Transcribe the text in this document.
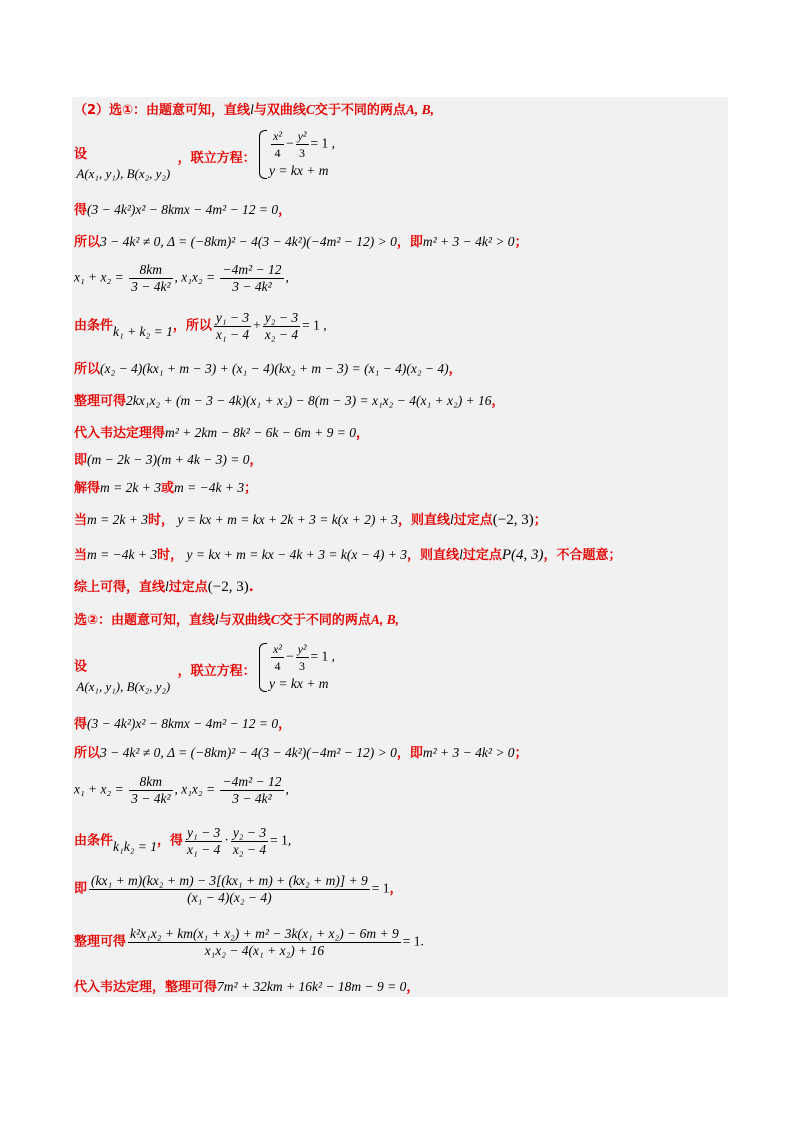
（2）选①：由题意可知，直线l与双曲线C交于不同的两点A, B,
设 A(x₁, y₁), B(x₂, y₂) ，联立方程： $\frac{\text{x²}}{4} - \frac{\text{y²}}{3} = 1$ ,
y = kx + m
得(3 − 4k²)x² − 8kmx − 4m² − 12 = 0，
所以3 − 4k² ≠ 0, Δ = (−8km)² − 4(3 − 4k²)(−4m² − 12) > 0，即m² + 3 − 4k² > 0；
$x_1 + x_2 = \frac{8km}{\text{3 − 4k²}}$ , $x_1x_2 = \frac{\text{−4m² − 12}}{\text{3 − 4k²}}$ ,
由条件k₁ + k₂ = 1，所以 $\frac{\text{y₁ − 3}}{\text{x₁ − 4}} + \frac{\text{y₂ − 3}}{\text{x₂ − 4}} = 1$ ,
所以(x₂ − 4)(kx₁ + m − 3) + (x₁ − 4)(kx₂ + m − 3) = (x₁ − 4)(x₂ − 4)，
整理可得2kx₁x₂ + (m − 3 − 4k)(x₁ + x₂) − 8(m − 3) = x₁x₂ − 4(x₁ + x₂) + 16，
代入韦达定理得m² + 2km − 8k² − 6k − 6m + 9 = 0，
即(m − 2k − 3)(m + 4k − 3) = 0，
解得m = 2k + 3或m = −4k + 3；
当m = 2k + 3时， y = kx + m = kx + 2k + 3 = k(x + 2) + 3，则直线l过定点(−2, 3)；
当m = −4k + 3时， y = kx + m = kx − 4k + 3 = k(x − 4) + 3，则直线l过定点P(4, 3)，不合题意；
综上可得，直线l过定点(−2, 3).
选②：由题意可知，直线l与双曲线C交于不同的两点A, B,
设 A(x₁, y₁), B(x₂, y₂) ，联立方程： $\frac{\text{x²}}{4} - \frac{\text{y²}}{3} = 1$ ,
y = kx + m
得(3 − 4k²)x² − 8kmx − 4m² − 12 = 0，
所以3 − 4k² ≠ 0, Δ = (−8km)² − 4(3 − 4k²)(−4m² − 12) > 0，即m² + 3 − 4k² > 0；
$x_1 + x_2 = \frac{8km}{\text{3 − 4k²}}$ , $x_1x_2 = \frac{\text{−4m² − 12}}{\text{3 − 4k²}}$ ,
由条件k₁k₂ = 1，得 $\frac{\text{y₁ − 3}}{\text{x₁ − 4}} \cdot \frac{\text{y₂ − 3}}{\text{x₂ − 4}} = 1$,
即 $\frac{\text{(kx₁ + m)(kx₂ + m) − 3[(kx₁ + m) + (kx₂ + m)] + 9}}{\text{(x₁ − 4)(x₂ − 4)}} = 1$，
整理可得 $\frac{\text{k²x₁x₂ + km(x₁ + x₂) + m² − 3k(x₁ + x₂) − 6m + 9}}{\text{x₁x₂ − 4(x₁ + x₂) + 16}} = 1$.
代入韦达定理，整理可得7m² + 32km + 16k² − 18m − 9 = 0，
